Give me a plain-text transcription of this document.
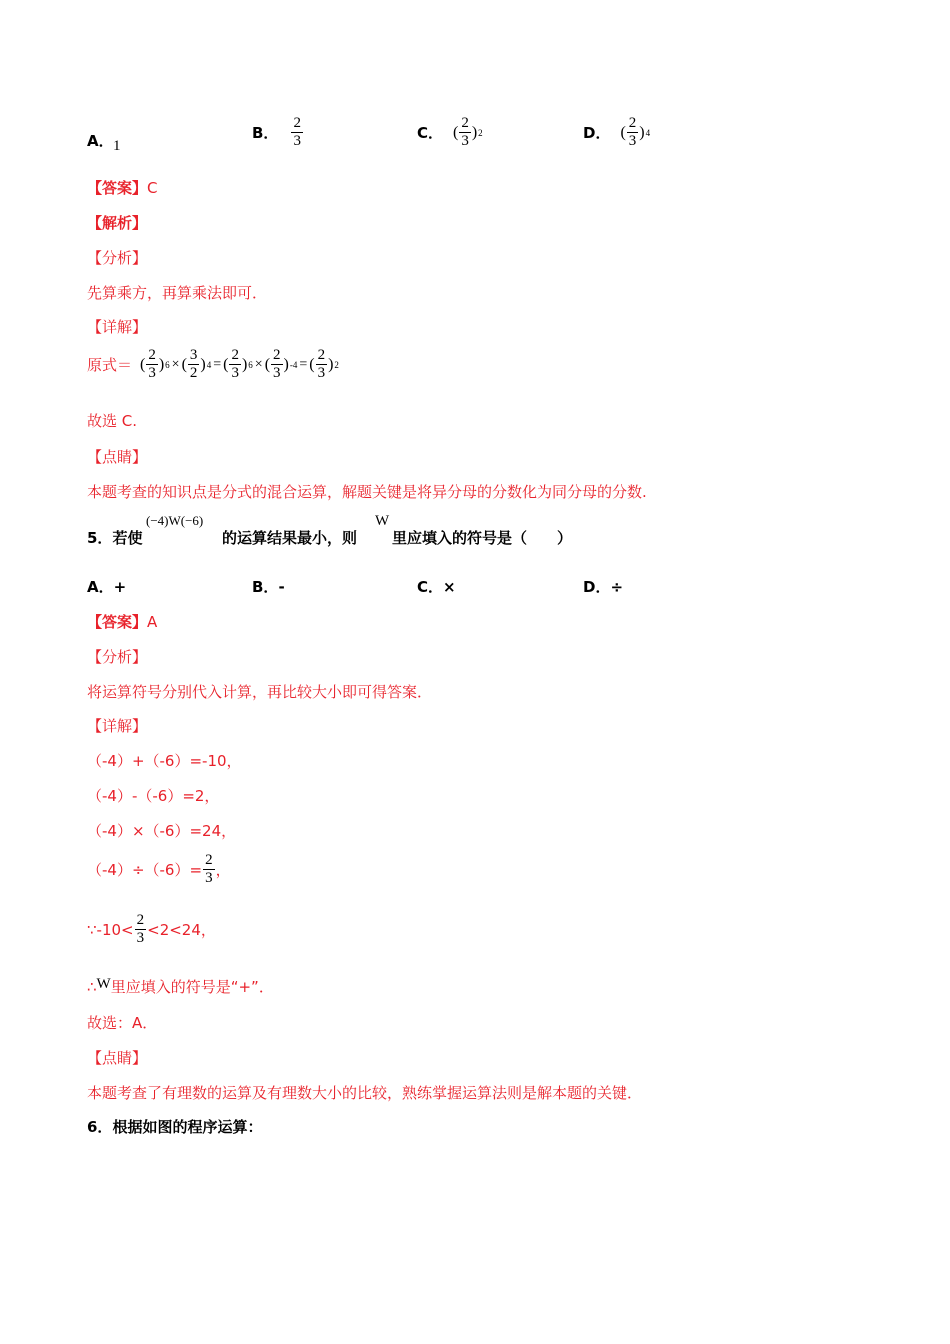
A． 1
B． $\frac{2}{3}$	C． ( $\frac{2}{3}$ ) 2	D． ( $\frac{2}{3}$ ) 4
【答案】C
【解析】
【分析】
先算乘方，再算乘法即可．
【详解】
原式＝ ( $\frac{2}{3}$ ) 6 × ( $\frac{3}{2}$ ) 4 = ( $\frac{2}{3}$ ) 6 × ( $\frac{2}{3}$ ) -4 = ( $\frac{2}{3}$ ) 2
故选 C.
【点睛】
本题考查的知识点是分式的混合运算，解题关键是将异分母的分数化为同分母的分数.
5．若使
(−4)W(−6)
的运算结果最小，则
W
里应填入的符号是（　　）
A．+	B．-	C．×	D．÷
【答案】A
【分析】
将运算符号分别代入计算，再比较大小即可得答案．
【详解】
（-4）+（-6）=-10，
（-4）-（-6）=2，
（-4）×（-6）=24，
$(-4)\div(-6)= \frac{2}{3}$ ，
∵-10< $\frac{2}{3} <2<24$，
∴W里应填入的符号是“+”．
故选：A．
【点睛】
本题考查了有理数的运算及有理数大小的比较，熟练掌握运算法则是解本题的关键．
6．根据如图的程序运算：
